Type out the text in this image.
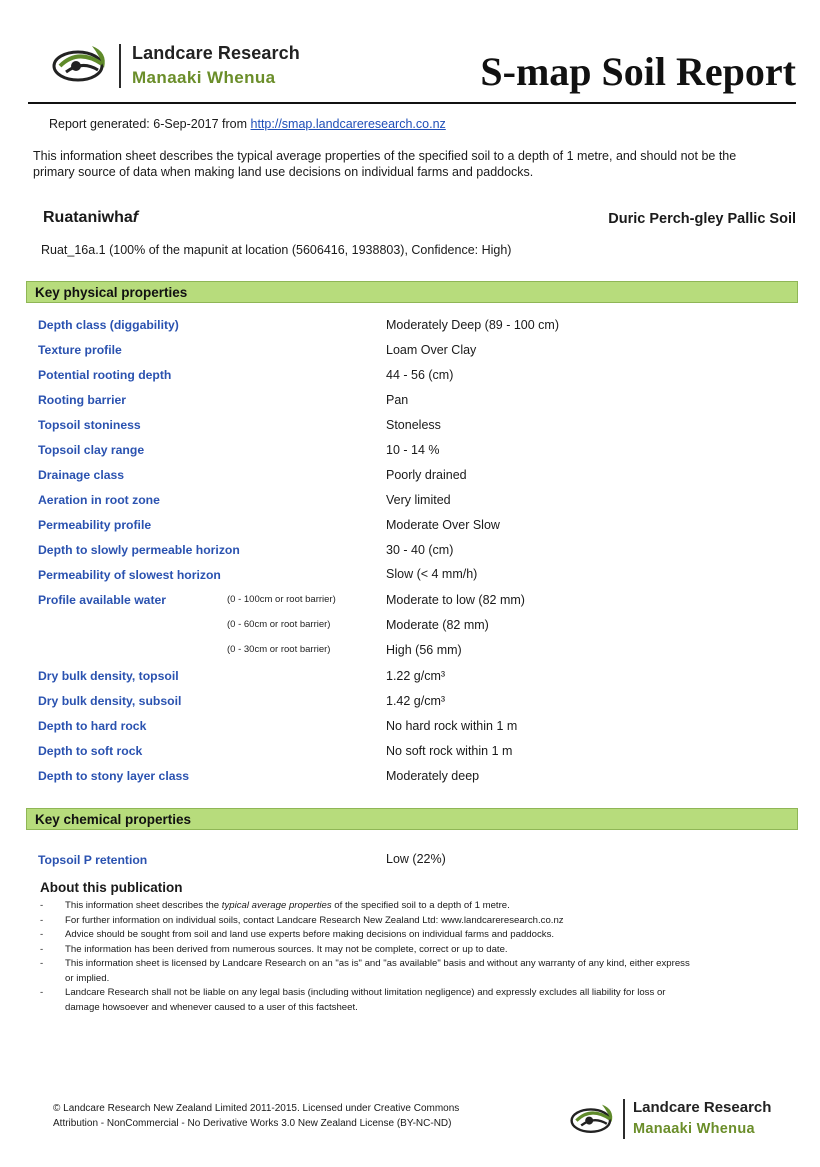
Landcare Research
Manaaki Whenua	S-map Soil Report
Report generated: 6-Sep-2017 from http://smap.landcareresearch.co.nz
This information sheet describes the typical average properties of the specified soil to a depth of 1 metre, and should not be the primary source of data when making land use decisions on individual farms and paddocks.
Ruataniwhaf	Duric Perch-gley Pallic Soil
Ruat_16a.1 (100% of the mapunit at location (5606416, 1938803), Confidence: High)
Key physical properties
Depth class (diggability)	Moderately Deep (89 - 100 cm)
Texture profile	Loam Over Clay
Potential rooting depth	44 - 56 (cm)
Rooting barrier	Pan
Topsoil stoniness	Stoneless
Topsoil clay range	10 - 14 %
Drainage class	Poorly drained
Aeration in root zone	Very limited
Permeability profile	Moderate Over Slow
Depth to slowly permeable horizon	30 - 40 (cm)
Permeability of slowest horizon	Slow (< 4 mm/h)
Profile available water	(0 - 100cm or root barrier)	Moderate to low (82 mm)
(0 - 60cm or root barrier)	Moderate (82 mm)
(0 - 30cm or root barrier)	High (56 mm)
Dry bulk density, topsoil	1.22 g/cm³
Dry bulk density, subsoil	1.42 g/cm³
Depth to hard rock	No hard rock within 1 m
Depth to soft rock	No soft rock within 1 m
Depth to stony layer class	Moderately deep
Key chemical properties
Topsoil P retention	Low (22%)
About this publication
- This information sheet describes the typical average properties of the specified soil to a depth of 1 metre.
- For further information on individual soils, contact Landcare Research New Zealand Ltd: www.landcareresearch.co.nz
- Advice should be sought from soil and land use experts before making decisions on individual farms and paddocks.
- The information has been derived from numerous sources. It may not be complete, correct or up to date.
- This information sheet is licensed by Landcare Research on an "as is" and "as available" basis and without any warranty of any kind, either express or implied.
- Landcare Research shall not be liable on any legal basis (including without limitation negligence) and expressly excludes all liability for loss or damage howsoever and whenever caused to a user of this factsheet.
© Landcare Research New Zealand Limited 2011-2015. Licensed under Creative Commons
Attribution - NonCommercial - No Derivative Works 3.0 New Zealand License (BY-NC-ND)
Landcare Research
Manaaki Whenua
